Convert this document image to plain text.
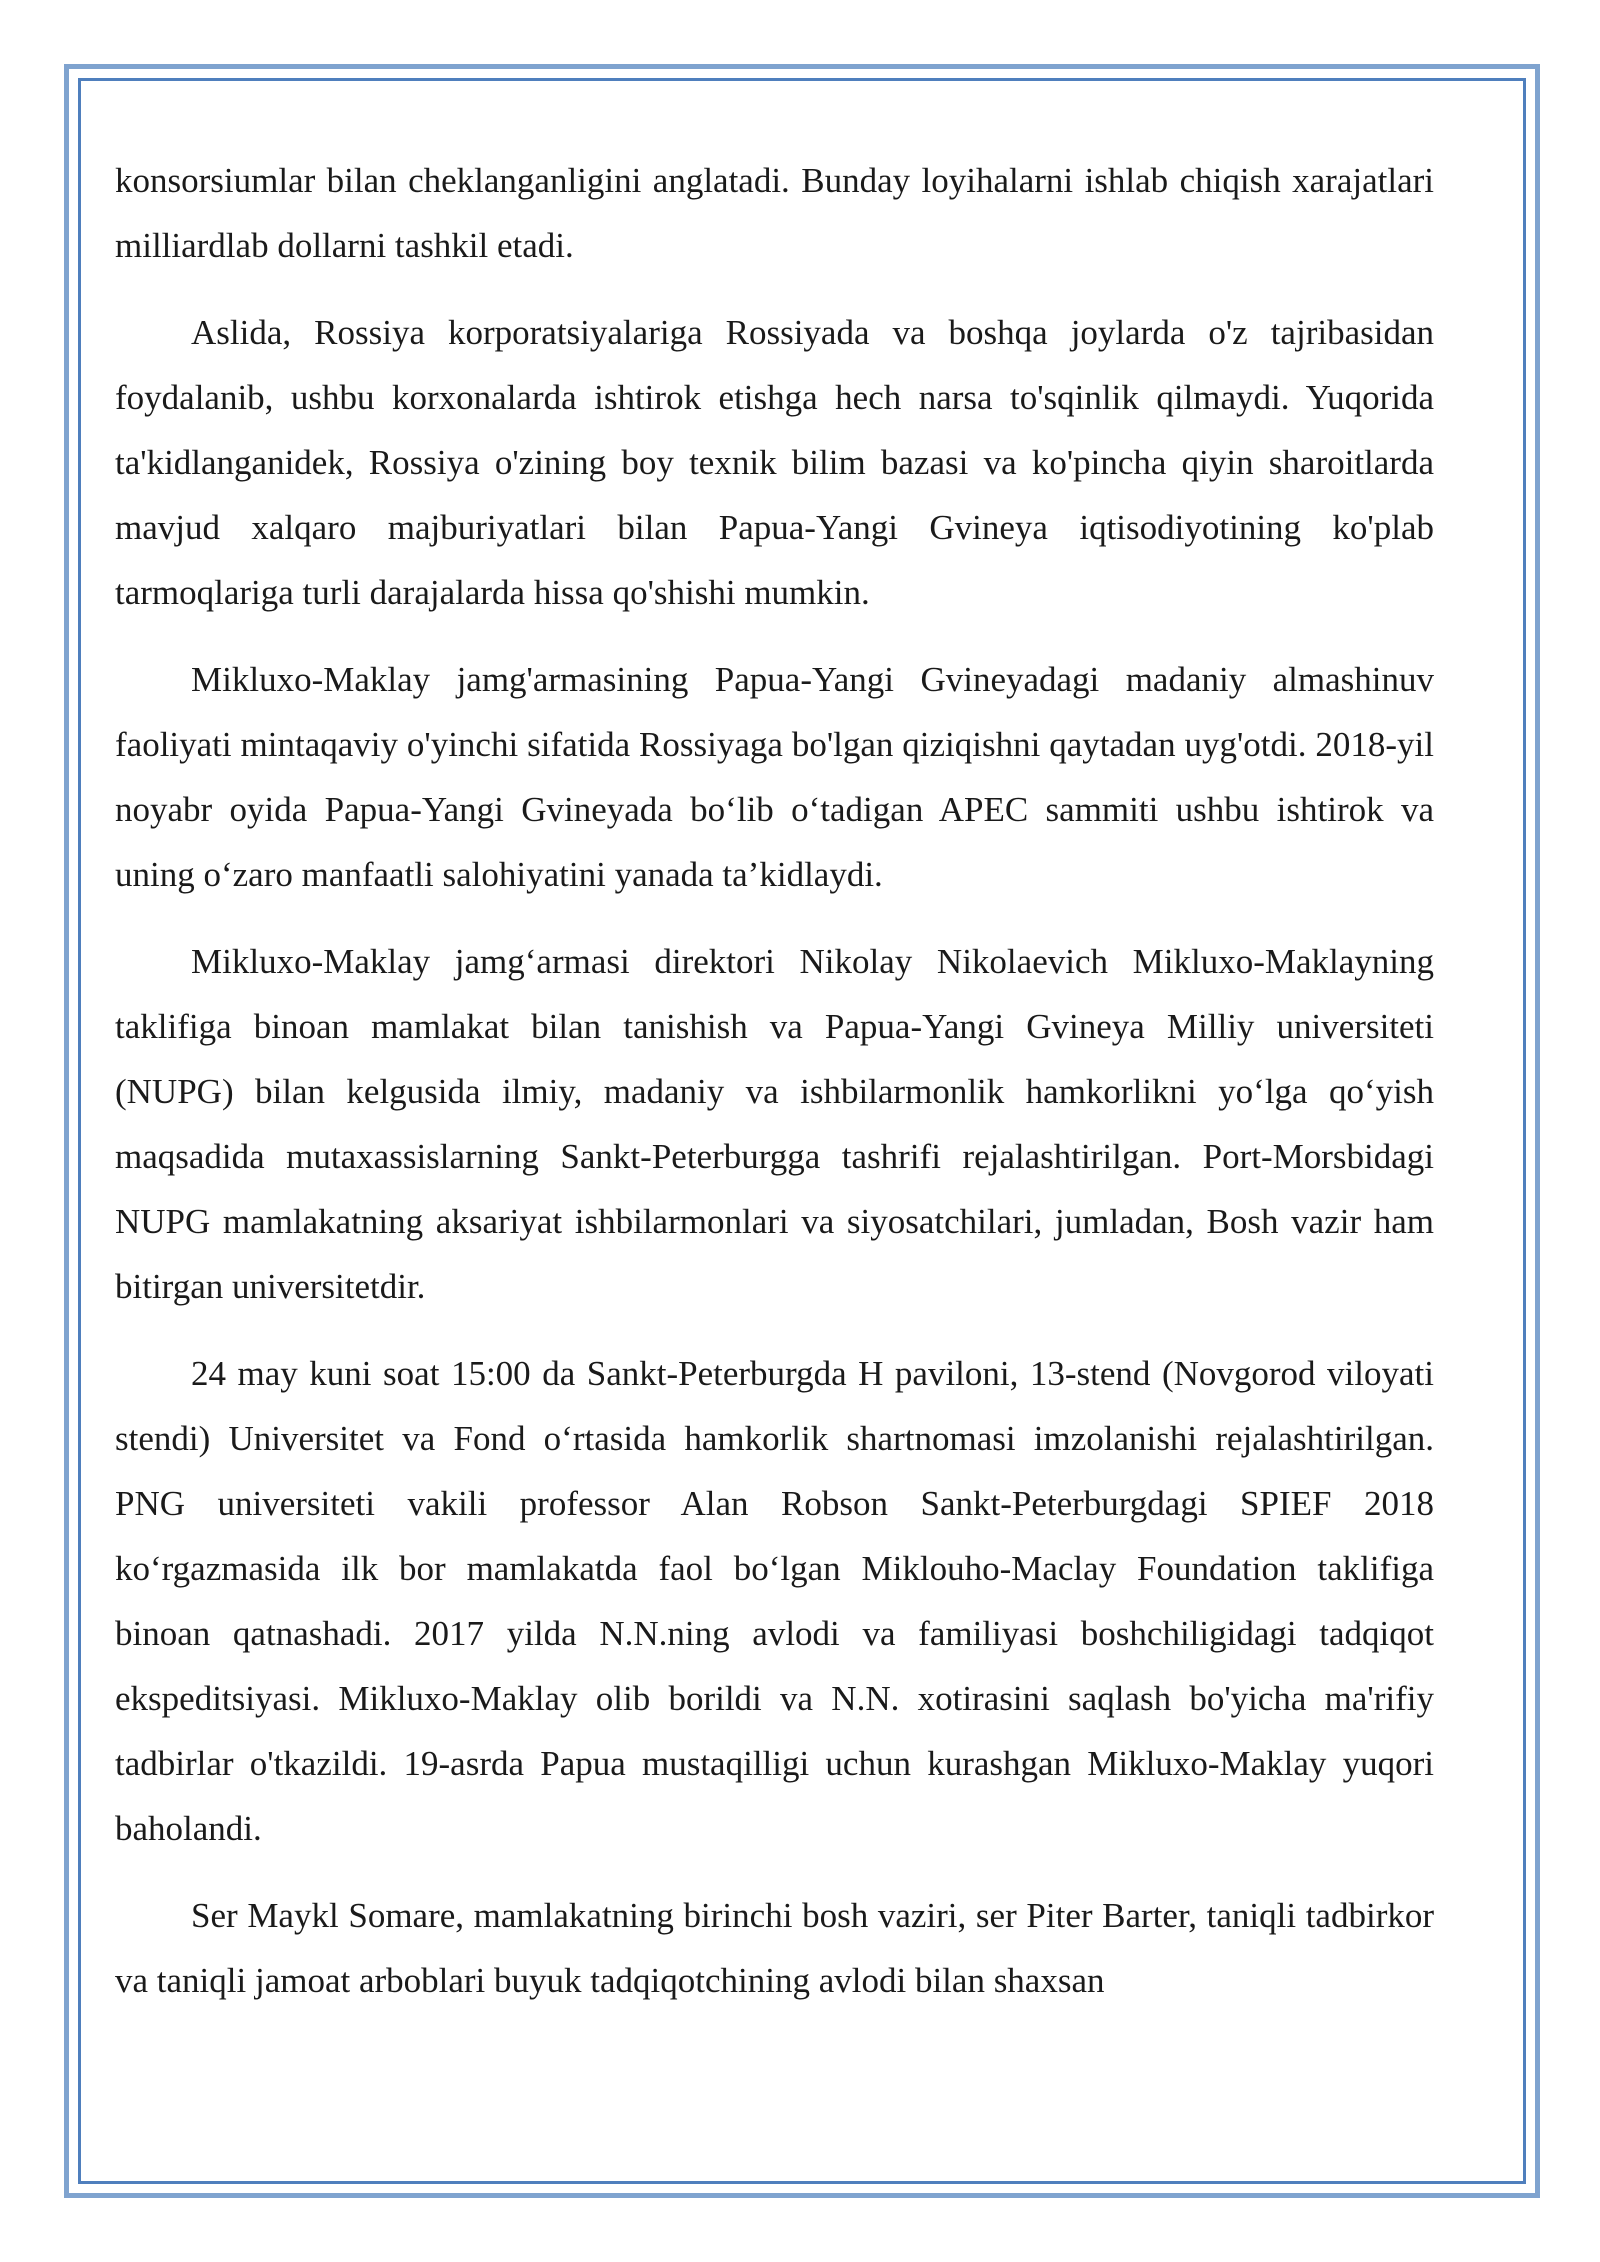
konsorsiumlar bilan cheklanganligini anglatadi. Bunday loyihalarni ishlab chiqish xarajatlari milliardlab dollarni tashkil etadi.

Aslida, Rossiya korporatsiyalariga Rossiyada va boshqa joylarda o'z tajribasidan foydalanib, ushbu korxonalarda ishtirok etishga hech narsa to'sqinlik qilmaydi. Yuqorida ta'kidlanganidek, Rossiya o'zining boy texnik bilim bazasi va ko'pincha qiyin sharoitlarda mavjud xalqaro majburiyatlari bilan Papua-Yangi Gvineya iqtisodiyotining ko'plab tarmoqlariga turli darajalarda hissa qo'shishi mumkin.

Mikluxo-Maklay jamg'armasining Papua-Yangi Gvineyadagi madaniy almashinuv faoliyati mintaqaviy o'yinchi sifatida Rossiyaga bo'lgan qiziqishni qaytadan uyg'otdi. 2018-yil noyabr oyida Papua-Yangi Gvineyada bo‘lib o‘tadigan APEC sammiti ushbu ishtirok va uning o‘zaro manfaatli salohiyatini yanada ta’kidlaydi.

Mikluxo-Maklay jamg‘armasi direktori Nikolay Nikolaevich Mikluxo-Maklayning taklifiga binoan mamlakat bilan tanishish va Papua-Yangi Gvineya Milliy universiteti (NUPG) bilan kelgusida ilmiy, madaniy va ishbilarmonlik hamkorlikni yo‘lga qo‘yish maqsadida mutaxassislarning Sankt-Peterburgga tashrifi rejalashtirilgan. Port-Morsbidagi NUPG mamlakatning aksariyat ishbilarmonlari va siyosatchilari, jumladan, Bosh vazir ham bitirgan universitetdir.

24 may kuni soat 15:00 da Sankt-Peterburgda H paviloni, 13-stend (Novgorod viloyati stendi) Universitet va Fond o‘rtasida hamkorlik shartnomasi imzolanishi rejalashtirilgan. PNG universiteti vakili professor Alan Robson Sankt-Peterburgdagi SPIEF 2018 ko‘rgazmasida ilk bor mamlakatda faol bo‘lgan Miklouho-Maclay Foundation taklifiga binoan qatnashadi. 2017 yilda N.N.ning avlodi va familiyasi boshchiligidagi tadqiqot ekspeditsiyasi. Mikluxo-Maklay olib borildi va N.N. xotirasini saqlash bo'yicha ma'rifiy tadbirlar o'tkazildi. 19-asrda Papua mustaqilligi uchun kurashgan Mikluxo-Maklay yuqori baholandi.

Ser Maykl Somare, mamlakatning birinchi bosh vaziri, ser Piter Barter, taniqli tadbirkor va taniqli jamoat arboblari buyuk tadqiqotchining avlodi bilan shaxsan
